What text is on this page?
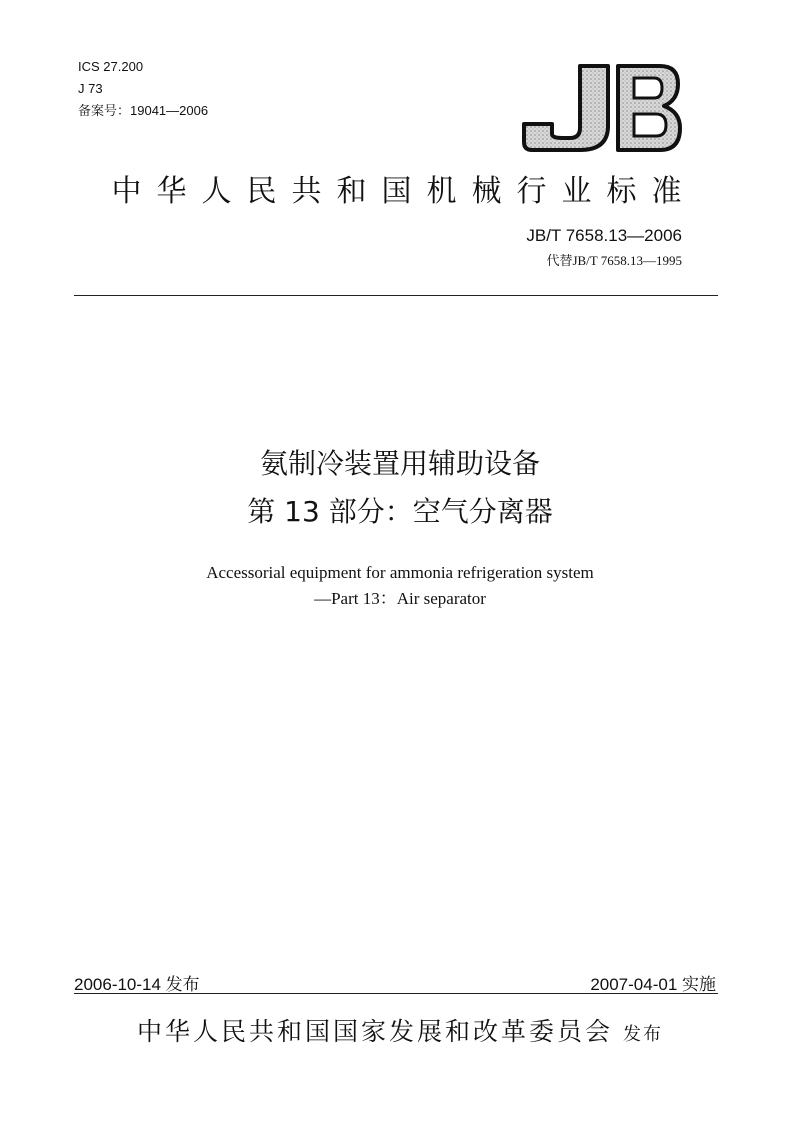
ICS 27.200
J 73
备案号：19041—2006
中华人民共和国机械行业标准
JB/T 7658.13—2006
代替JB/T 7658.13—1995
氨制冷装置用辅助设备
第 13 部分：空气分离器
Accessorial equipment for ammonia refrigeration system
—Part 13：Air separator
2006-10-14 发布	2007-04-01 实施
中华人民共和国国家发展和改革委员会 发布
